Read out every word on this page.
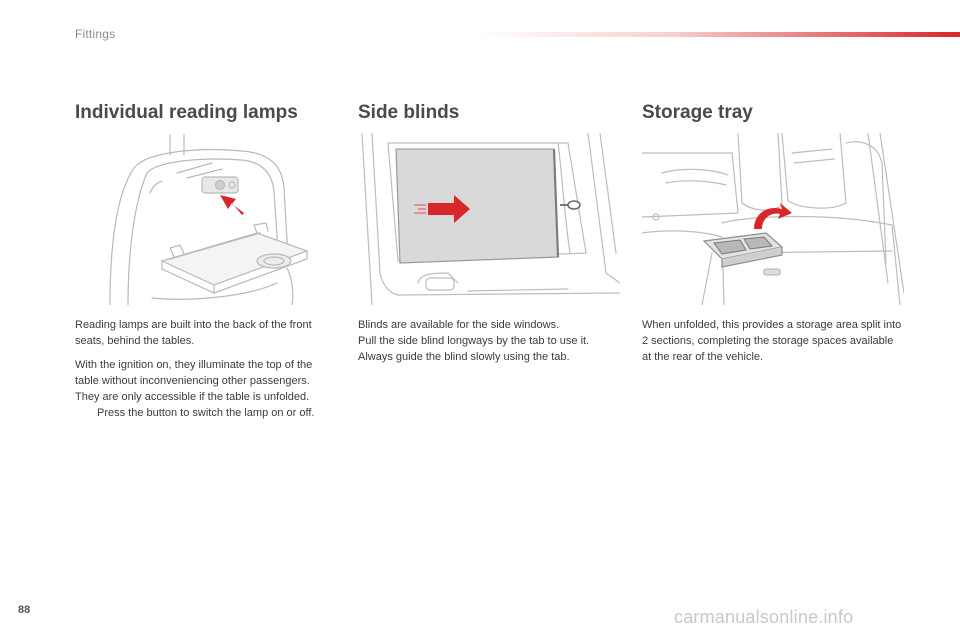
Fittings
Individual reading lamps

Reading lamps are built into the back of the front seats, behind the tables.

With the ignition on, they illuminate the top of the table without inconveniencing other passengers.

They are only accessible if the table is unfolded.

Press the button to switch the lamp on or off.
Side blinds

Blinds are available for the side windows.

Pull the side blind longways by the tab to use it.

Always guide the blind slowly using the tab.

Storage tray

When unfolded, this provides a storage area split into 2 sections, completing the storage spaces available at the rear of the vehicle.

88	carmanualsonline.info
